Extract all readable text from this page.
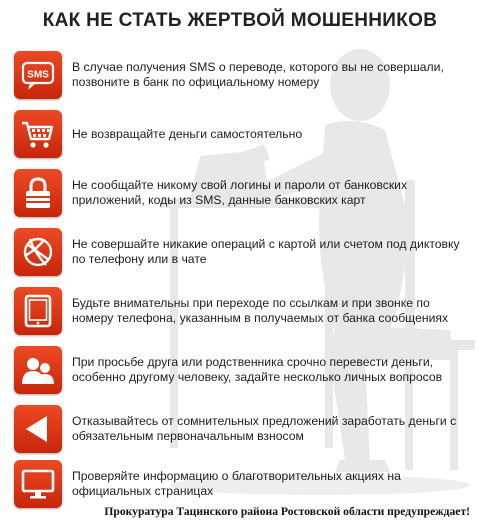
КАК НЕ СТАТЬ ЖЕРТВОЙ МОШЕННИКОВ
SMS
В случае получения SMS о переводе, которого вы не совершали, позвоните в банк по официальному номеру
Не возвращайте деньги самостоятельно
Не сообщайте никому свой логины и пароли от банковских приложений, коды из SMS, данные банковских карт
Не совершайте никакие операций с картой или счетом под диктовку по телефону или в чате
Будьте внимательны при переходе по ссылкам и при звонке по номеру телефона, указанным в получаемых от банка сообщениях
При просьбе друга или родственника срочно перевести деньги, особенно другому человеку, задайте несколько личных вопросов
Отказывайтесь от сомнительных предложений заработать деньги с обязательным первоначальным взносом
Проверяйте информацию о благотворительных акциях на официальных страницах
Прокуратура Тацинского района Ростовской области предупреждает!
